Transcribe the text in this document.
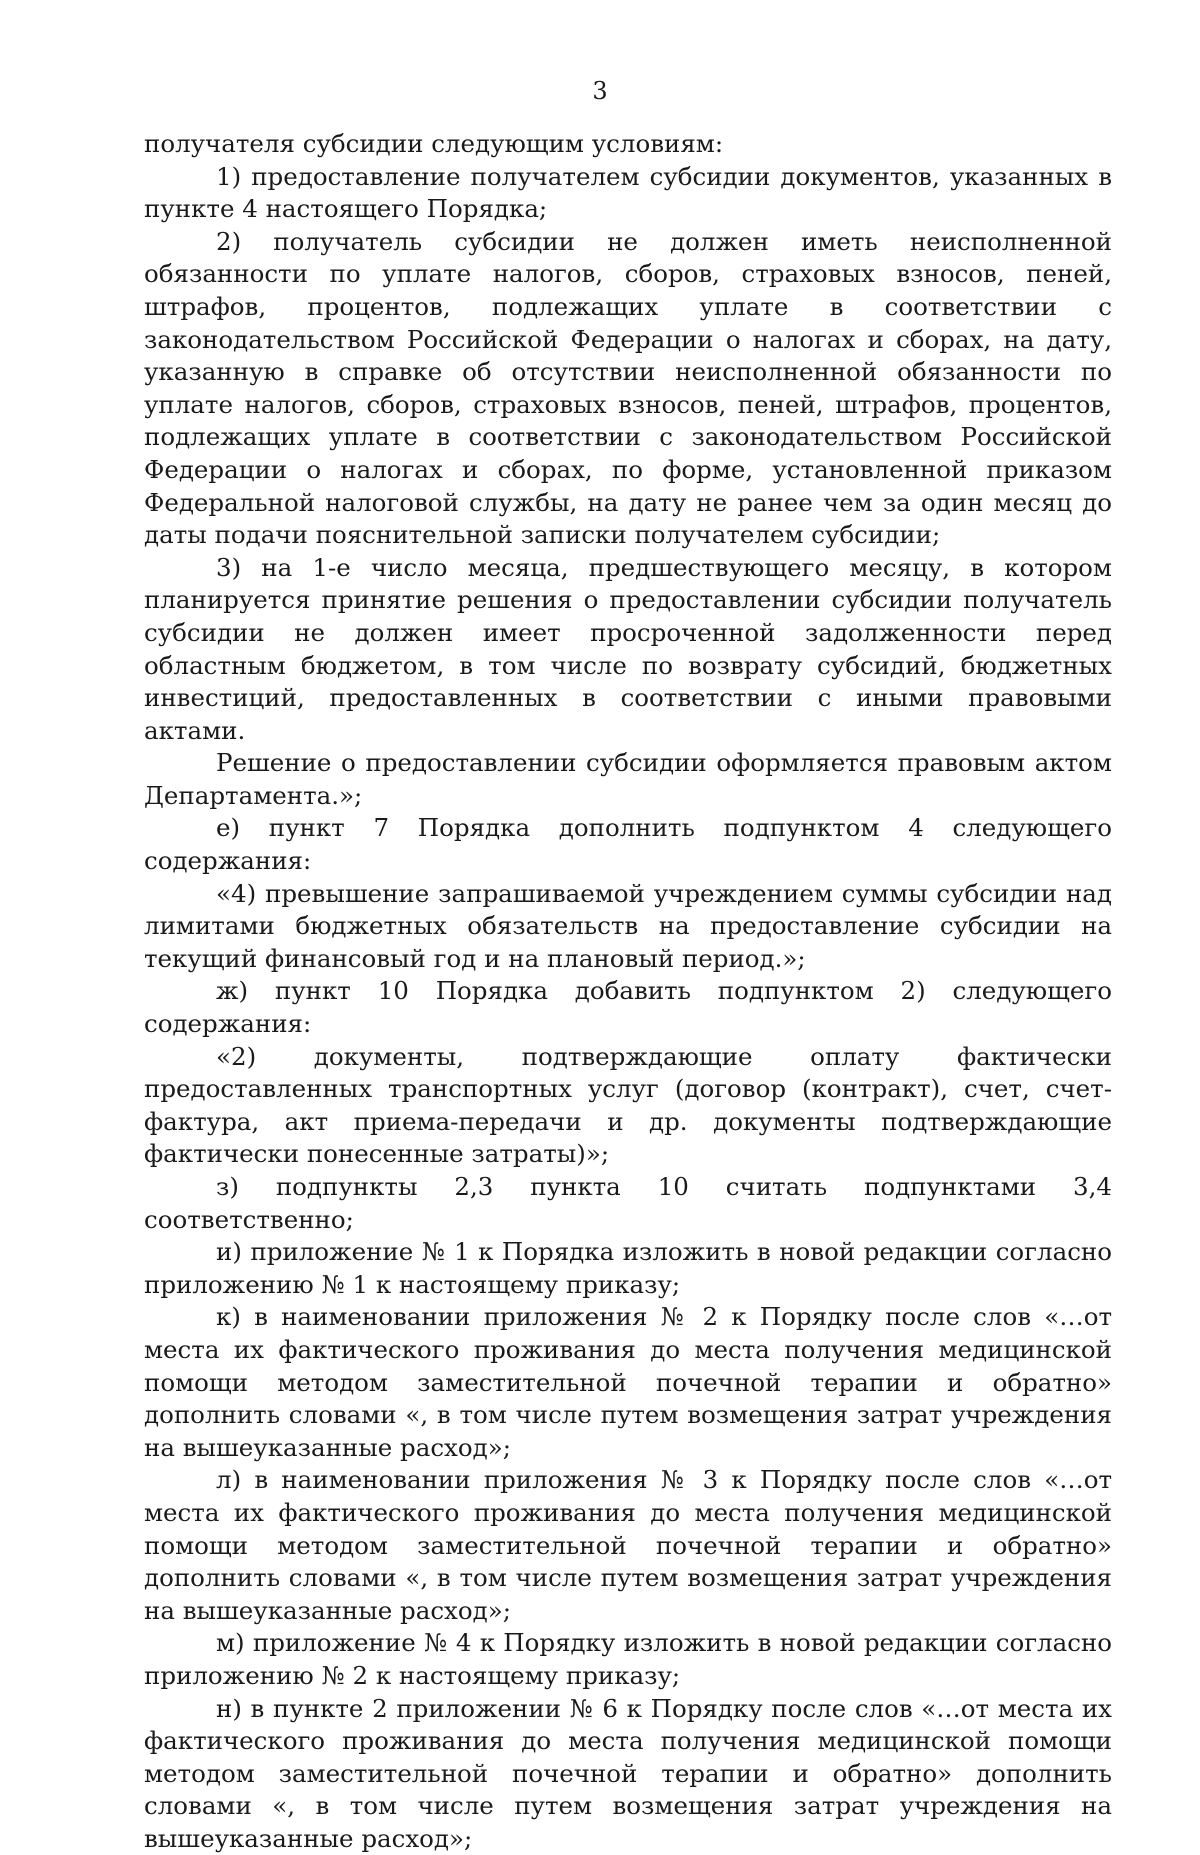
3

получателя субсидии следующим условиям:

1) предоставление получателем субсидии документов, указанных в пункте 4 настоящего Порядка;

2) получатель субсидии не должен иметь неисполненной обязанности по уплате налогов, сборов, страховых взносов, пеней, штрафов, процентов, подлежащих уплате в соответствии с законодательством Российской Федерации о налогах и сборах, на дату, указанную в справке об отсутствии неисполненной обязанности по уплате налогов, сборов, страховых взносов, пеней, штрафов, процентов, подлежащих уплате в соответствии с законодательством Российской Федерации о налогах и сборах, по форме, установленной приказом Федеральной налоговой службы, на дату не ранее чем за один месяц до даты подачи пояснительной записки получателем субсидии;

3) на 1-е число месяца, предшествующего месяцу, в котором планируется принятие решения о предоставлении субсидии получатель субсидии не должен имеет просроченной задолженности перед областным бюджетом, в том числе по возврату субсидий, бюджетных инвестиций, предоставленных в соответствии с иными правовыми актами.

Решение о предоставлении субсидии оформляется правовым актом Департамента.»;

е) пункт 7 Порядка дополнить подпунктом 4 следующего содержания:

«4) превышение запрашиваемой учреждением суммы субсидии над лимитами бюджетных обязательств на предоставление субсидии на текущий финансовый год и на плановый период.»;

ж) пункт 10 Порядка добавить подпунктом 2) следующего содержания:

«2) документы, подтверждающие оплату фактически предоставленных транспортных услуг (договор (контракт), счет, счет-фактура, акт приема-передачи и др. документы подтверждающие фактически понесенные затраты)»;

з) подпункты 2,3 пункта 10 считать подпунктами 3,4 соответственно;

и) приложение № 1 к Порядка изложить в новой редакции согласно приложению № 1 к настоящему приказу;

к) в наименовании приложения № 2 к Порядку после слов «…от места их фактического проживания до места получения медицинской помощи методом заместительной почечной терапии и обратно» дополнить словами «, в том числе путем возмещения затрат учреждения на вышеуказанные расход»;

л) в наименовании приложения № 3 к Порядку после слов «…от места их фактического проживания до места получения медицинской помощи методом заместительной почечной терапии и обратно» дополнить словами «, в том числе путем возмещения затрат учреждения на вышеуказанные расход»;

м) приложение № 4 к Порядку изложить в новой редакции согласно приложению № 2 к настоящему приказу;

н) в пункте 2 приложении № 6 к Порядку после слов «…от места их фактического проживания до места получения медицинской помощи методом заместительной почечной терапии и обратно» дополнить словами «, в том числе путем возмещения затрат учреждения на вышеуказанные расход»;
